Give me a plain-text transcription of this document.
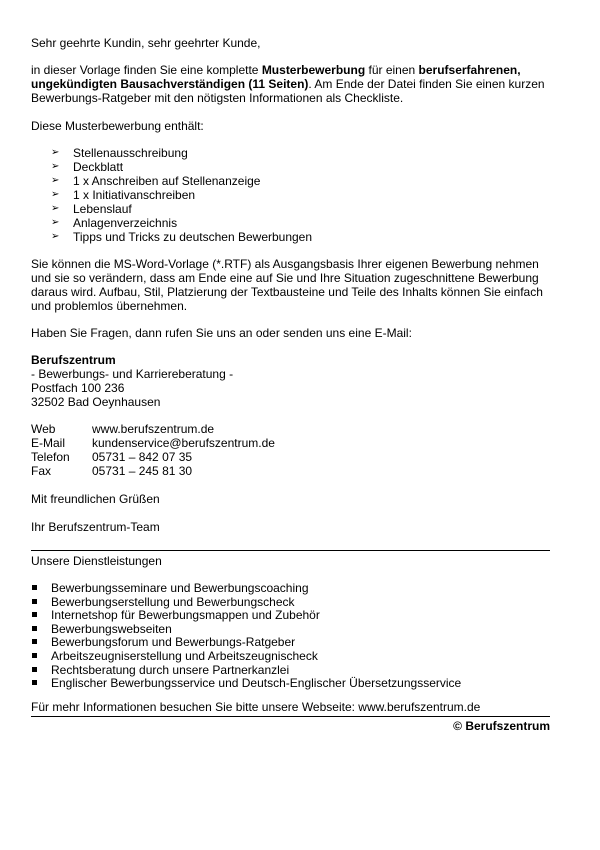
Sehr geehrte Kundin, sehr geehrter Kunde,

in dieser Vorlage finden Sie eine komplette Musterbewerbung für einen berufserfahrenen, ungekündigten Bausachverständigen (11 Seiten). Am Ende der Datei finden Sie einen kurzen Bewerbungs-Ratgeber mit den nötigsten Informationen als Checkliste.

Diese Musterbewerbung enthält:

➢ Stellenausschreibung
➢ Deckblatt
➢ 1 x Anschreiben auf Stellenanzeige
➢ 1 x Initiativanschreiben
➢ Lebenslauf
➢ Anlagenverzeichnis
➢ Tipps und Tricks zu deutschen Bewerbungen

Sie können die MS-Word-Vorlage (*.RTF) als Ausgangsbasis Ihrer eigenen Bewerbung nehmen und sie so verändern, dass am Ende eine auf Sie und Ihre Situation zugeschnittene Bewerbung daraus wird. Aufbau, Stil, Platzierung der Textbausteine und Teile des Inhalts können Sie einfach und problemlos übernehmen.

Haben Sie Fragen, dann rufen Sie uns an oder senden uns eine E-Mail:

Berufszentrum

- Bewerbungs- und Karriereberatung -

Postfach 100 236

32502 Bad Oeynhausen

Web	www.berufszentrum.de
E-Mail kundenservice@berufszentrum.de
Telefon 05731 – 842 07 35
Fax	05731 – 245 81 30

Mit freundlichen Grüßen

Ihr Berufszentrum-Team

Unsere Dienstleistungen

Bewerbungsseminare und Bewerbungscoaching
Bewerbungserstellung und Bewerbungscheck
Internetshop für Bewerbungsmappen und Zubehör
Bewerbungswebseiten
Bewerbungsforum und Bewerbungs-Ratgeber
Arbeitszeugniserstellung und Arbeitszeugnischeck
Rechtsberatung durch unsere Partnerkanzlei
Englischer Bewerbungsservice und Deutsch-Englischer Übersetzungsservice

Für mehr Informationen besuchen Sie bitte unsere Webseite: www.berufszentrum.de

© Berufszentrum
